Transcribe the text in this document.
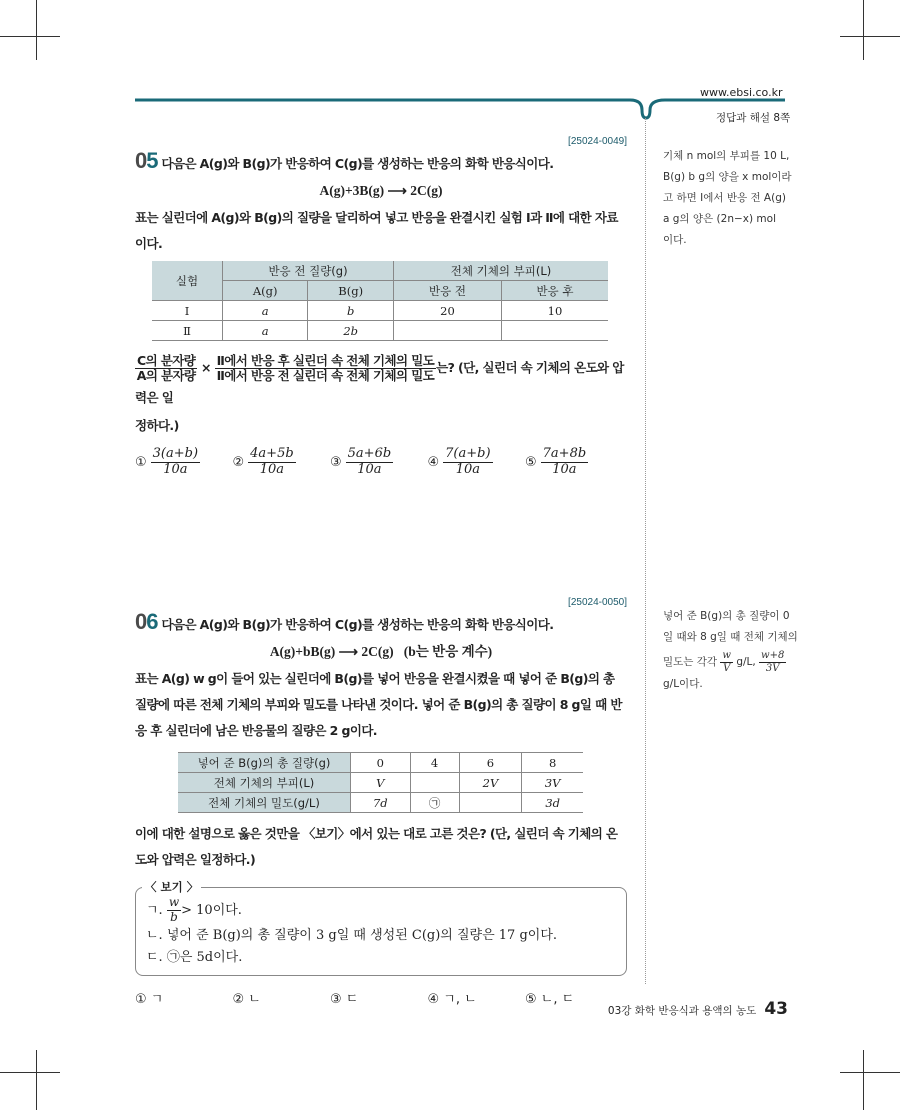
www.ebsi.co.kr
정답과 해설 8쪽
[25024-0049]
05 다음은 A(g)와 B(g)가 반응하여 C(g)를 생성하는 반응의 화학 반응식이다.
A(g)+3B(g) ⟶ 2C(g)
표는 실린더에 A(g)와 B(g)의 질량을 달리하여 넣고 반응을 완결시킨 실험 Ⅰ과 Ⅱ에 대한 자료이다.
실험	반응 전 질량(g)		전체 기체의 부피(L)	
	A(g)	B(g)	반응 전	반응 후
Ⅰ	a	b	20	10
Ⅱ	a	2b		
$\frac{\text{C의 분자량}}{\text{A의 분자량}} \times \frac{\text{Ⅱ에서 반응 후 실린더 속 전체 기체의 밀도}}{\text{Ⅱ에서 반응 전 실린더 속 전체 기체의 밀도}}$ 는? (단, 실린더 속 기체의 온도와 압력은 일
정하다.)
① $\frac{3(a+b)}{10a}$ ② $\frac{4a+5b}{10a}$	③ $\frac{5a+6b}{10a}$	④ $\frac{7(a+b)}{10a}$ ⑤ $\frac{7a+8b}{10a}$
기체 n mol의 부피를 10 L,
B(g) b g의 양을 x mol이라
고 하면 Ⅰ에서 반응 전 A(g)
a g의 양은 (2n−x) mol
이다.
[25024-0050]
06 다음은 A(g)와 B(g)가 반응하여 C(g)를 생성하는 반응의 화학 반응식이다.
A(g)+bB(g) ⟶ 2C(g)   (b는 반응 계수)
표는 A(g) w g이 들어 있는 실린더에 B(g)를 넣어 반응을 완결시켰을 때 넣어 준 B(g)의 총 질량에 따른 전체 기체의 부피와 밀도를 나타낸 것이다. 넣어 준 B(g)의 총 질량이 8 g일 때 반응 후 실린더에 남은 반응물의 질량은 2 g이다.
넣어 준 B(g)의 총 질량(g)	0	4	6	8
전체 기체의 부피(L)	V		2V	3V
전체 기체의 밀도(g/L)	7d	㉠		3d
이에 대한 설명으로 옳은 것만을 〈보기〉에서 있는 대로 고른 것은? (단, 실린더 속 기체의 온도와 압력은 일정하다.)
〈 보기 〉
ㄱ. $\frac{w}{b} > 10$이다.
ㄴ. 넣어 준 B(g)의 총 질량이 3 g일 때 생성된 C(g)의 질량은 17 g이다.
ㄷ. ㉠은 5d이다.
① ㄱ	② ㄴ	③ ㄷ	④ ㄱ, ㄴ	⑤ ㄴ, ㄷ
넣어 준 B(g)의 총 질량이 0
일 때와 8 g일 때 전체 기체의
밀도는 각각 $\frac{w}{V} g/L$, $\frac{w+8}{3V}$
g/L이다.
03강 화학 반응식과 용액의 농도 43
